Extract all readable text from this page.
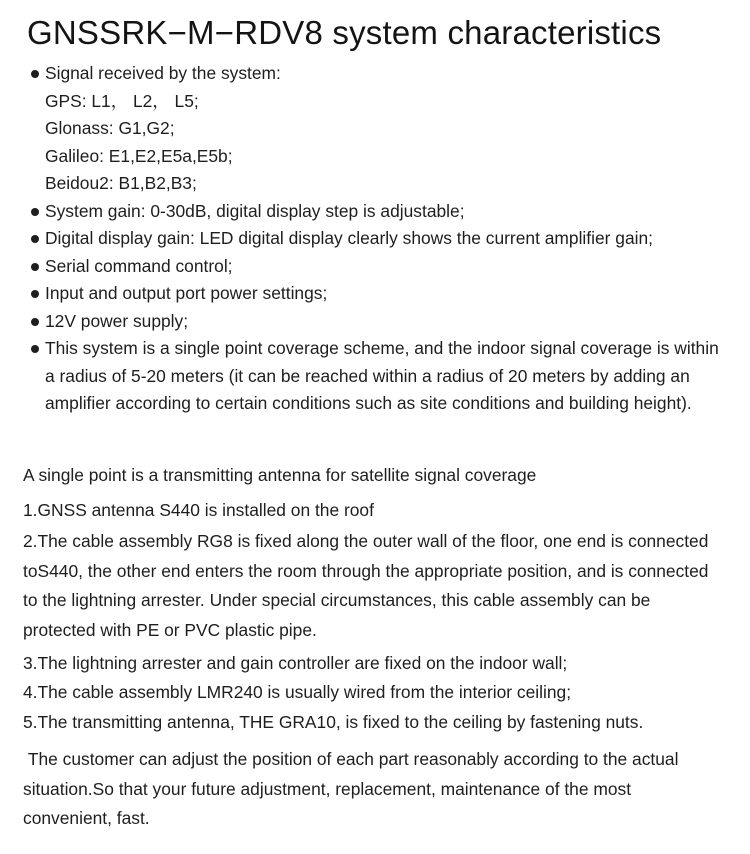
GNSSRK−M−RDV8 system characteristics
Signal received by the system:
GPS: L1， L2， L5;
Glonass: G1,G2;
Galileo: E1,E2,E5a,E5b;
Beidou2: B1,B2,B3;
System gain: 0-30dB, digital display step is adjustable;
Digital display gain: LED digital display clearly shows the current amplifier gain;
Serial command control;
Input and output port power settings;
12V power supply;
This system is a single point coverage scheme, and the indoor signal coverage is within a radius of 5-20 meters (it can be reached within a radius of 20 meters by adding an amplifier according to certain conditions such as site conditions and building height).

A single point is a transmitting antenna for satellite signal coverage

1.GNSS antenna S440 is installed on the roof

2.The cable assembly RG8 is fixed along the outer wall of the floor, one end is connected toS440, the other end enters the room through the appropriate position, and is connected to the lightning arrester. Under special circumstances, this cable assembly can be protected with PE or PVC plastic pipe.

3.The lightning arrester and gain controller are fixed on the indoor wall;

4.The cable assembly LMR240 is usually wired from the interior ceiling;

5.The transmitting antenna, THE GRA10, is fixed to the ceiling by fastening nuts.

The customer can adjust the position of each part reasonably according to the actual situation.So that your future adjustment, replacement, maintenance of the most convenient, fast.
